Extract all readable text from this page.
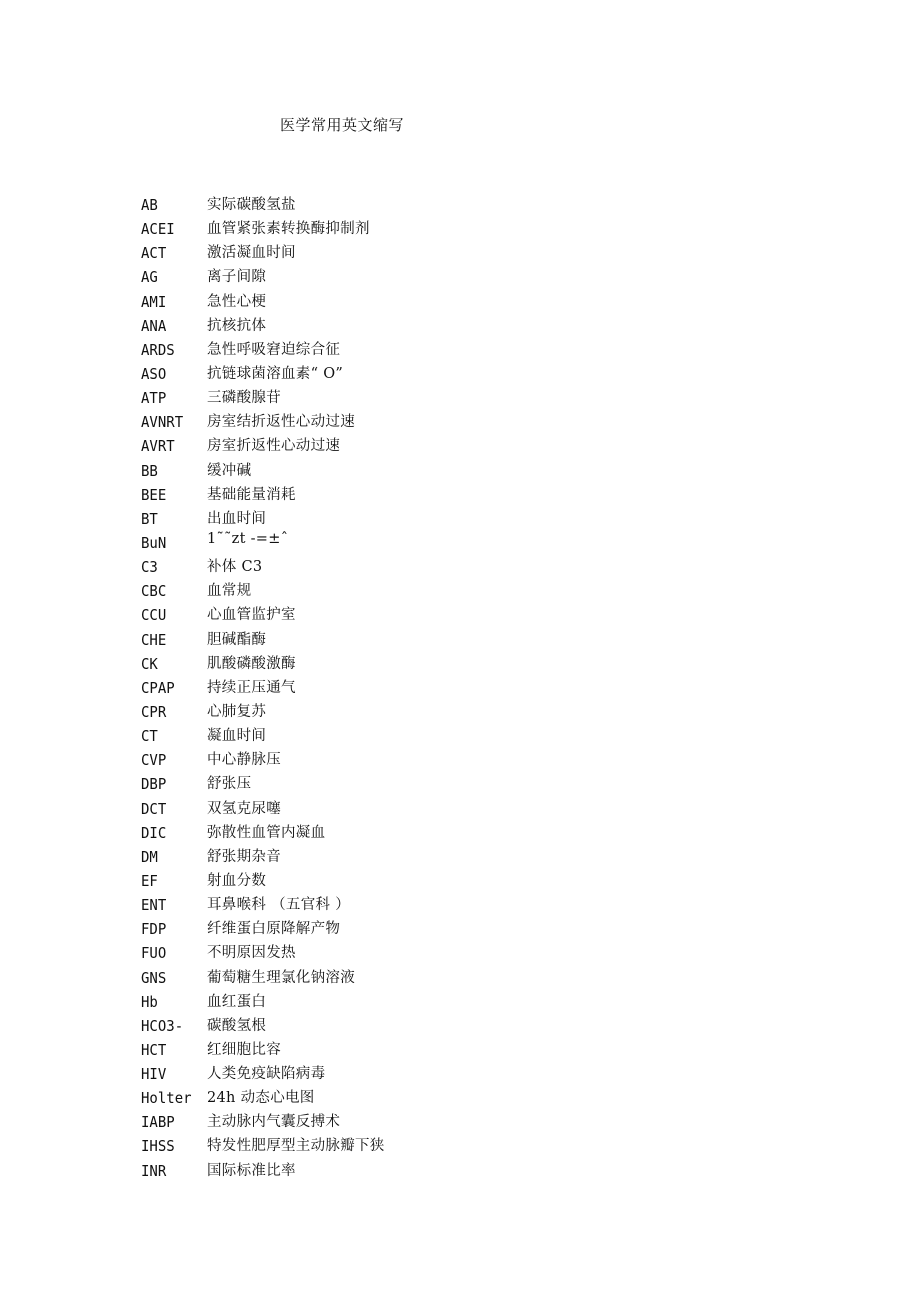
医学常用英文缩写
AB	实际碳酸氢盐
ACEI 血管紧张素转换酶抑制剂
ACT	激活凝血时间
AG	离子间隙
AMI	急性心梗
ANA	抗核抗体
ARDS 急性呼吸窘迫综合征
ASO	抗链球菌溶血素“ O”
ATP	三磷酸腺苷
AVNRT 房室结折返性心动过速
AVRT 房室折返性心动过速
BB	缓冲碱
BEE	基础能量消耗
BT	出血时间
BuN	1˜˜zt -=±ˆ
C3	补体 C3
CBC	血常规
CCU	心血管监护室
CHE	胆碱酯酶
CK	肌酸磷酸激酶
CPAP 持续正压通气
CPR	心肺复苏
CT	凝血时间
CVP	中心静脉压
DBP	舒张压
DCT	双氢克尿噻
DIC	弥散性血管内凝血
DM	舒张期杂音
EF	射血分数
ENT	耳鼻喉科 （五官科 ）
FDP	纤维蛋白原降解产物
FUO	不明原因发热
GNS	葡萄糖生理氯化钠溶液
Hb	血红蛋白
HCO3- 碳酸氢根
HCT	红细胞比容
HIV	人类免疫缺陷病毒
Holter 24h 动态心电图
IABP 主动脉内气囊反搏术
IHSS 特发性肥厚型主动脉瓣下狭
INR	国际标准比率
